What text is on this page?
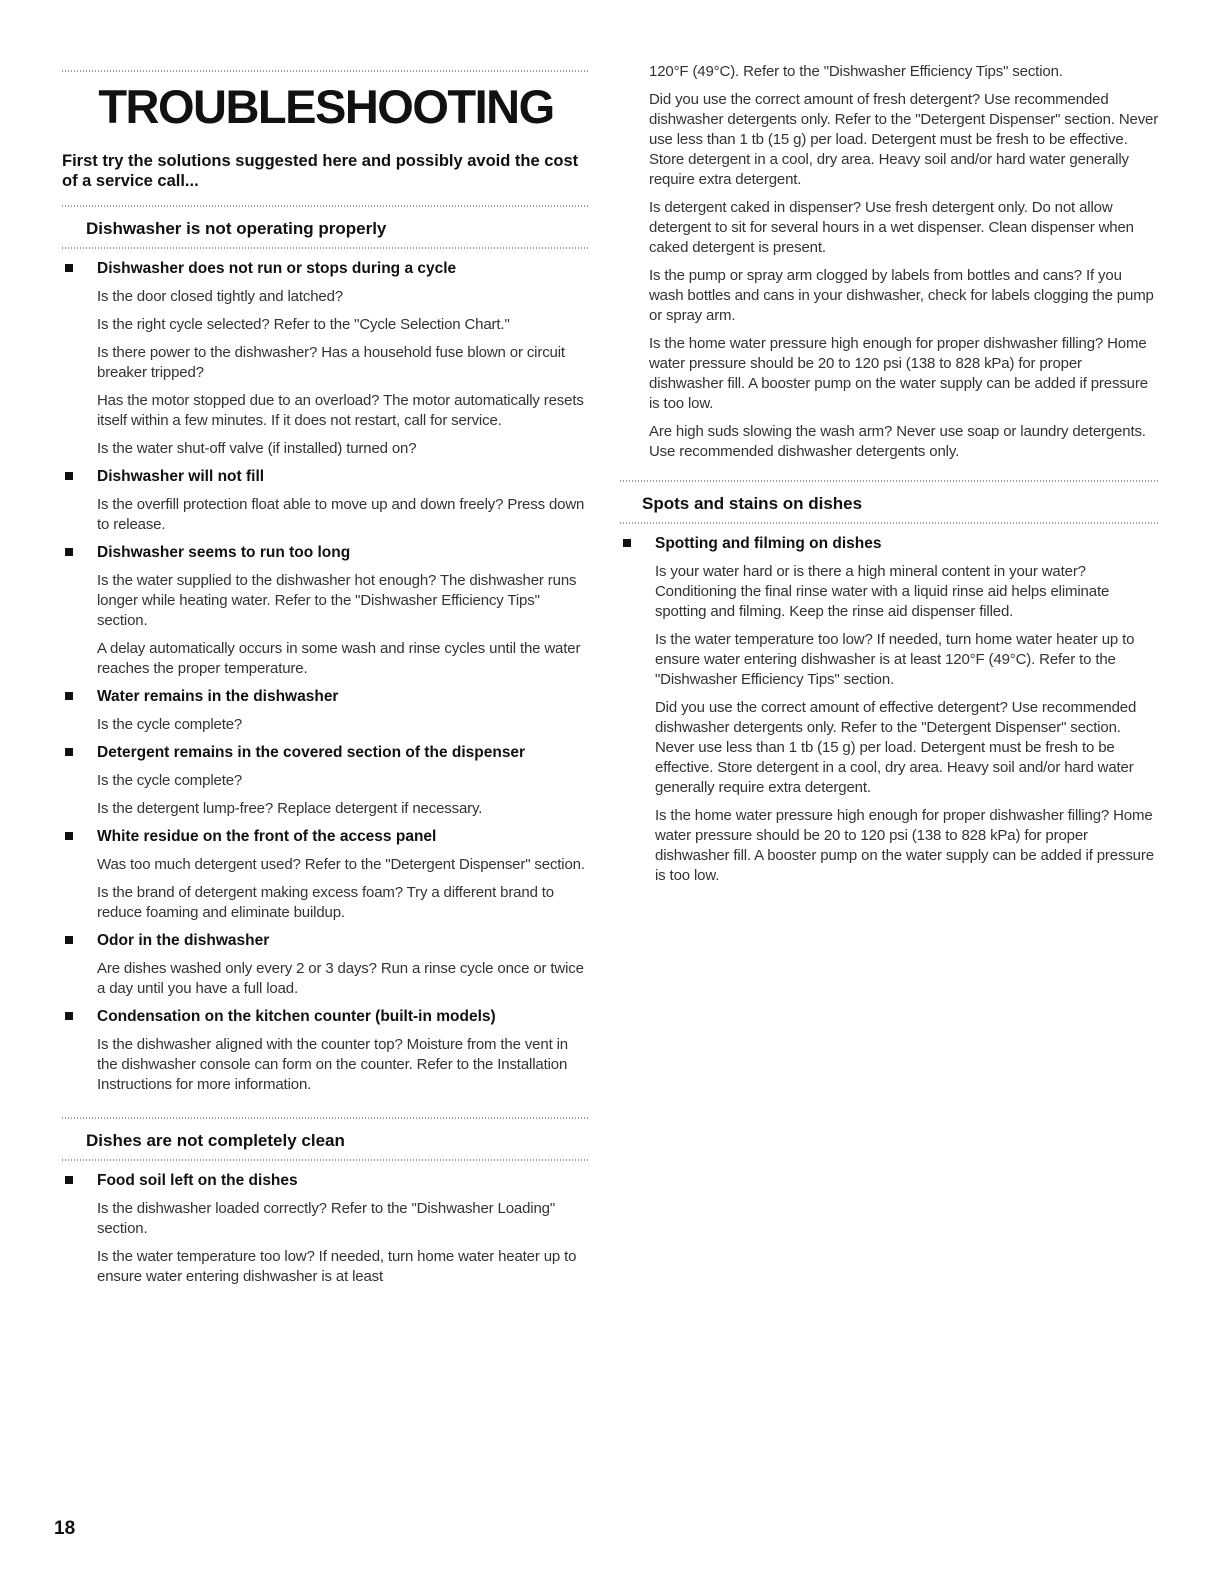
TROUBLESHOOTING
First try the solutions suggested here and possibly avoid the cost of a service call...
Dishwasher is not operating properly
Dishwasher does not run or stops during a cycle
Is the door closed tightly and latched?
Is the right cycle selected? Refer to the "Cycle Selection Chart."
Is there power to the dishwasher? Has a household fuse blown or circuit breaker tripped?
Has the motor stopped due to an overload? The motor automatically resets itself within a few minutes. If it does not restart, call for service.
Is the water shut-off valve (if installed) turned on?
Dishwasher will not fill
Is the overfill protection float able to move up and down freely? Press down to release.
Dishwasher seems to run too long
Is the water supplied to the dishwasher hot enough? The dishwasher runs longer while heating water. Refer to the "Dishwasher Efficiency Tips" section.
A delay automatically occurs in some wash and rinse cycles until the water reaches the proper temperature.
Water remains in the dishwasher
Is the cycle complete?
Detergent remains in the covered section of the dispenser
Is the cycle complete?
Is the detergent lump-free? Replace detergent if necessary.
White residue on the front of the access panel
Was too much detergent used? Refer to the "Detergent Dispenser" section.
Is the brand of detergent making excess foam? Try a different brand to reduce foaming and eliminate buildup.
Odor in the dishwasher
Are dishes washed only every 2 or 3 days? Run a rinse cycle once or twice a day until you have a full load.
Condensation on the kitchen counter (built-in models)
Is the dishwasher aligned with the counter top? Moisture from the vent in the dishwasher console can form on the counter. Refer to the Installation Instructions for more information.
Dishes are not completely clean
Food soil left on the dishes
Is the dishwasher loaded correctly? Refer to the "Dishwasher Loading" section.
Is the water temperature too low? If needed, turn home water heater up to ensure water entering dishwasher is at least
120°F (49°C). Refer to the "Dishwasher Efficiency Tips" section.
Did you use the correct amount of fresh detergent? Use recommended dishwasher detergents only. Refer to the "Detergent Dispenser" section. Never use less than 1 tb (15 g) per load. Detergent must be fresh to be effective. Store detergent in a cool, dry area. Heavy soil and/or hard water generally require extra detergent.
Is detergent caked in dispenser? Use fresh detergent only. Do not allow detergent to sit for several hours in a wet dispenser. Clean dispenser when caked detergent is present.
Is the pump or spray arm clogged by labels from bottles and cans? If you wash bottles and cans in your dishwasher, check for labels clogging the pump or spray arm.
Is the home water pressure high enough for proper dishwasher filling? Home water pressure should be 20 to 120 psi (138 to 828 kPa) for proper dishwasher fill. A booster pump on the water supply can be added if pressure is too low.
Are high suds slowing the wash arm? Never use soap or laundry detergents. Use recommended dishwasher detergents only.
Spots and stains on dishes
Spotting and filming on dishes
Is your water hard or is there a high mineral content in your water? Conditioning the final rinse water with a liquid rinse aid helps eliminate spotting and filming. Keep the rinse aid dispenser filled.
Is the water temperature too low? If needed, turn home water heater up to ensure water entering dishwasher is at least 120°F (49°C). Refer to the "Dishwasher Efficiency Tips" section.
Did you use the correct amount of effective detergent? Use recommended dishwasher detergents only. Refer to the "Detergent Dispenser" section. Never use less than 1 tb (15 g) per load. Detergent must be fresh to be effective. Store detergent in a cool, dry area. Heavy soil and/or hard water generally require extra detergent.
Is the home water pressure high enough for proper dishwasher filling? Home water pressure should be 20 to 120 psi (138 to 828 kPa) for proper dishwasher fill. A booster pump on the water supply can be added if pressure is too low.
18
